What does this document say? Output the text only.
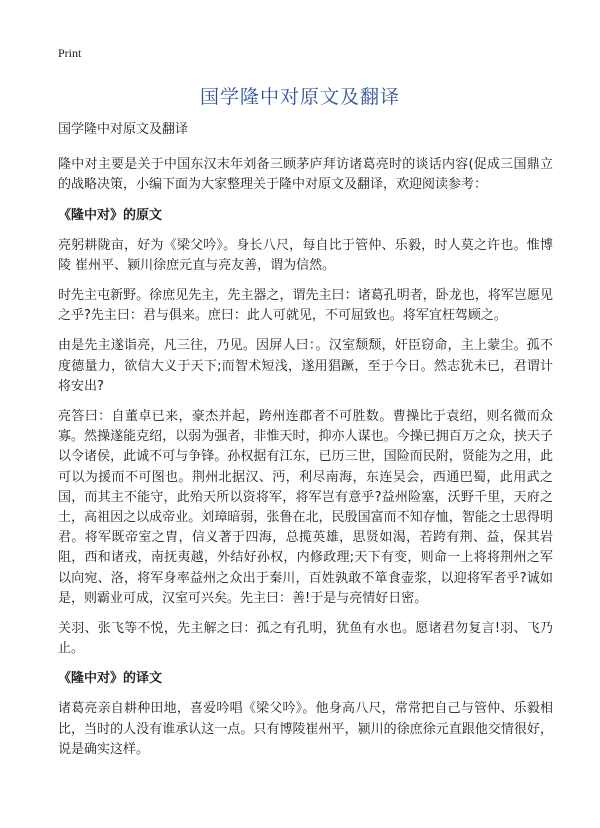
Print
国学隆中对原文及翻译

国学隆中对原文及翻译

隆中对主要是关于中国东汉末年刘备三顾茅庐拜访诸葛亮时的谈话内容(促成三国鼎立的战略决策，小编下面为大家整理关于隆中对原文及翻译，欢迎阅读参考：

《隆中对》的原文

亮躬耕陇亩，好为《梁父吟》。身长八尺，每自比于管仲、乐毅，时人莫之许也。惟博陵 崔州平、颍川徐庶元直与亮友善，谓为信然。

时先主屯新野。徐庶见先主，先主器之，谓先主曰：诸葛孔明者，卧龙也，将军岂愿见之乎?先主曰：君与俱来。庶曰：此人可就见，不可屈致也。将军宜枉驾顾之。

由是先主遂诣亮，凡三往，乃见。因屏人曰：。汉室颓颓，奸臣窃命，主上蒙尘。孤不度德量力，欲信大义于天下;而智术短浅，遂用猖蹶，至于今日。然志犹未已，君谓计将安出?

亮答曰：自董卓已来，豪杰并起，跨州连郡者不可胜数。曹操比于袁绍，则名微而众寡。然操遂能克绍，以弱为强者，非惟天时，抑亦人谋也。今操已拥百万之众，挟天子以令诸侯，此诚不可与争锋。孙权据有江东，已历三世，国险而民附，贤能为之用，此可以为援而不可图也。荆州北据汉、沔，利尽南海，东连吴会，西通巴蜀，此用武之国，而其主不能守，此殆天所以资将军，将军岂有意乎?益州险塞，沃野千里，天府之土，高祖因之以成帝业。刘璋暗弱，张鲁在北，民殷国富而不知存恤，智能之士思得明君。将军既帝室之胄，信义著于四海，总揽英雄，思贤如渴，若跨有荆、益，保其岩阻，西和诸戎，南抚夷越，外结好孙权，内修政理;天下有变，则命一上将将荆州之军以向宛、洛，将军身率益州之众出于秦川，百姓孰敢不箪食壶浆，以迎将军者乎?诚如是，则霸业可成，汉室可兴矣。先主曰：善!于是与亮情好日密。

关羽、张飞等不悦，先主解之曰：孤之有孔明，犹鱼有水也。愿诸君勿复言!羽、飞乃止。

《隆中对》的译文

诸葛亮亲自耕种田地，喜爱吟唱《梁父吟》。他身高八尺，常常把自己与管仲、乐毅相比，当时的人没有谁承认这一点。只有博陵崔州平，颍川的徐庶徐元直跟他交情很好，说是确实这样。
